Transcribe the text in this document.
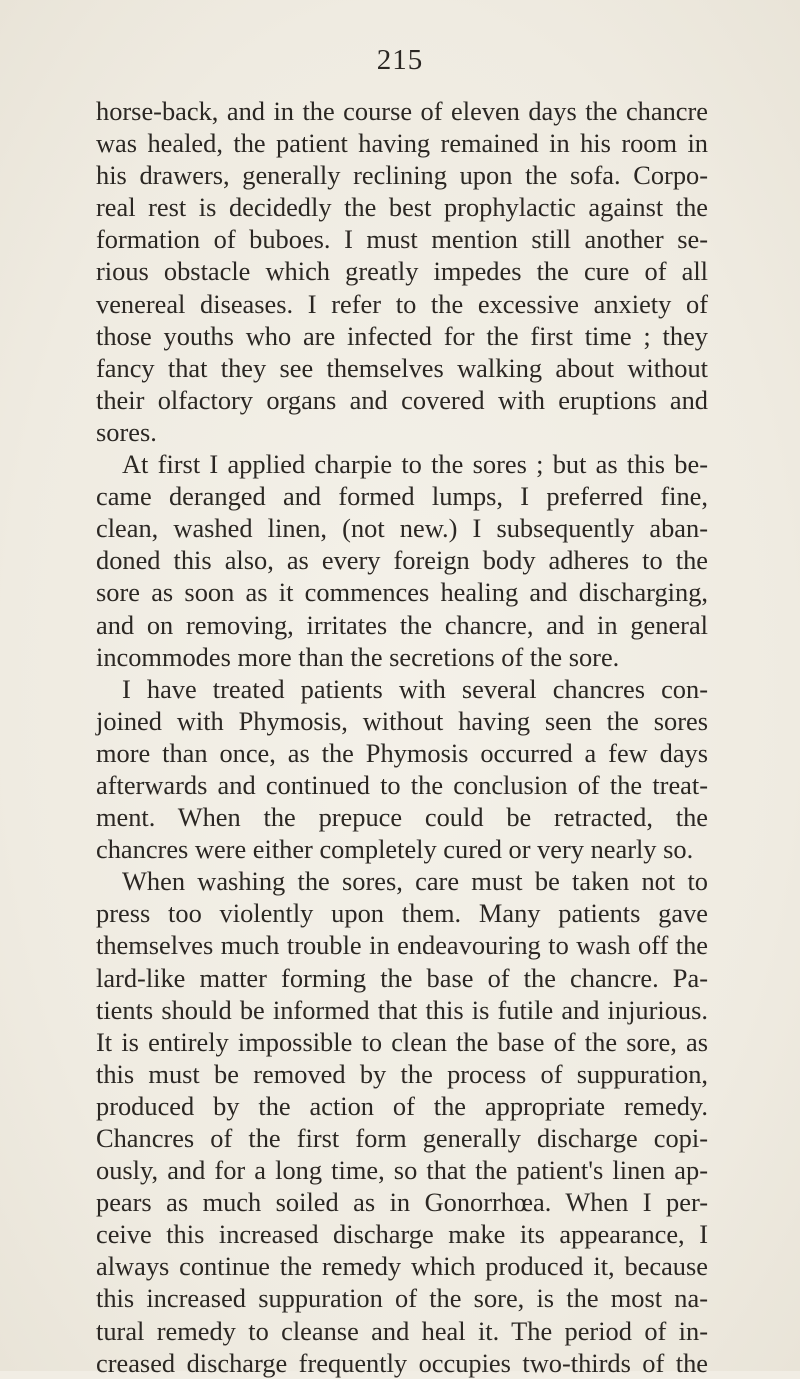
215
horse-back, and in the course of eleven days the chancre
was healed, the patient having remained in his room in
his drawers, generally reclining upon the sofa. Corpo-
real rest is decidedly the best prophylactic against the
formation of buboes. I must mention still another se-
rious obstacle which greatly impedes the cure of all
venereal diseases. I refer to the excessive anxiety of
those youths who are infected for the first time ; they
fancy that they see themselves walking about without
their olfactory organs and covered with eruptions and
sores.
At first I applied charpie to the sores ; but as this be-
came deranged and formed lumps, I preferred fine,
clean, washed linen, (not new.) I subsequently aban-
doned this also, as every foreign body adheres to the
sore as soon as it commences healing and discharging,
and on removing, irritates the chancre, and in general
incommodes more than the secretions of the sore.
I have treated patients with several chancres con-
joined with Phymosis, without having seen the sores
more than once, as the Phymosis occurred a few days
afterwards and continued to the conclusion of the treat-
ment. When the prepuce could be retracted, the
chancres were either completely cured or very nearly so.
When washing the sores, care must be taken not to
press too violently upon them. Many patients gave
themselves much trouble in endeavouring to wash off the
lard-like matter forming the base of the chancre. Pa-
tients should be informed that this is futile and injurious.
It is entirely impossible to clean the base of the sore, as
this must be removed by the process of suppuration,
produced by the action of the appropriate remedy.
Chancres of the first form generally discharge copi-
ously, and for a long time, so that the patient's linen ap-
pears as much soiled as in Gonorrhœa. When I per-
ceive this increased discharge make its appearance, I
always continue the remedy which produced it, because
this increased suppuration of the sore, is the most na-
tural remedy to cleanse and heal it. The period of in-
creased discharge frequently occupies two-thirds of the
